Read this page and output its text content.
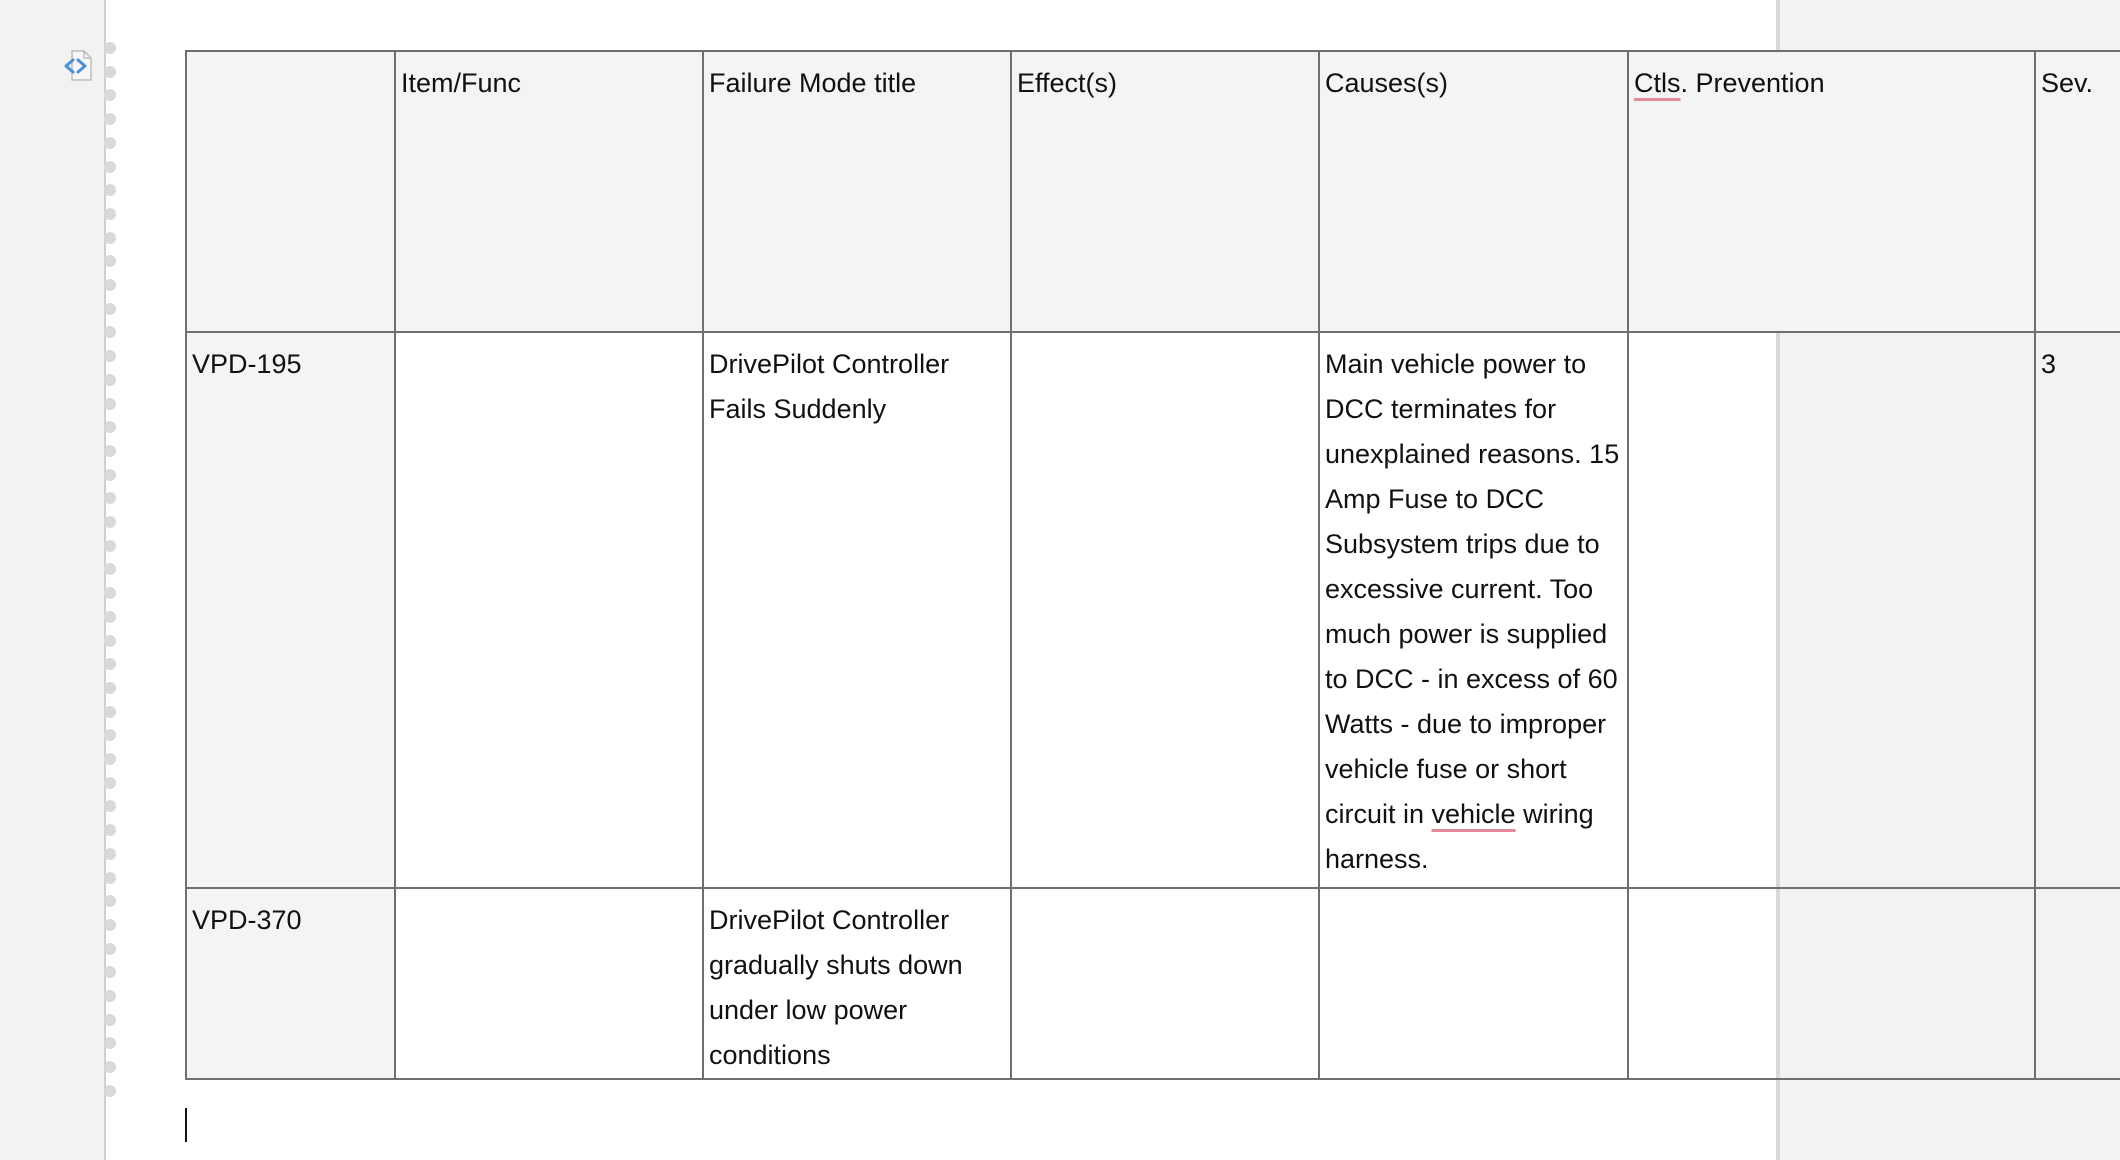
	Item/Func	Failure Mode title	Effect(s)	Causes(s)	Ctls. Prevention	Sev.
VPD-195		DrivePilot Controller Fails Suddenly		Main vehicle power to DCC terminates for unexplained reasons. 15 Amp Fuse to DCC Subsystem trips due to excessive current. Too much power is supplied to DCC - in excess of 60 Watts - due to improper vehicle fuse or short circuit in vehicle wiring harness.		3
VPD-370		DrivePilot Controller gradually shuts down under low power conditions				
